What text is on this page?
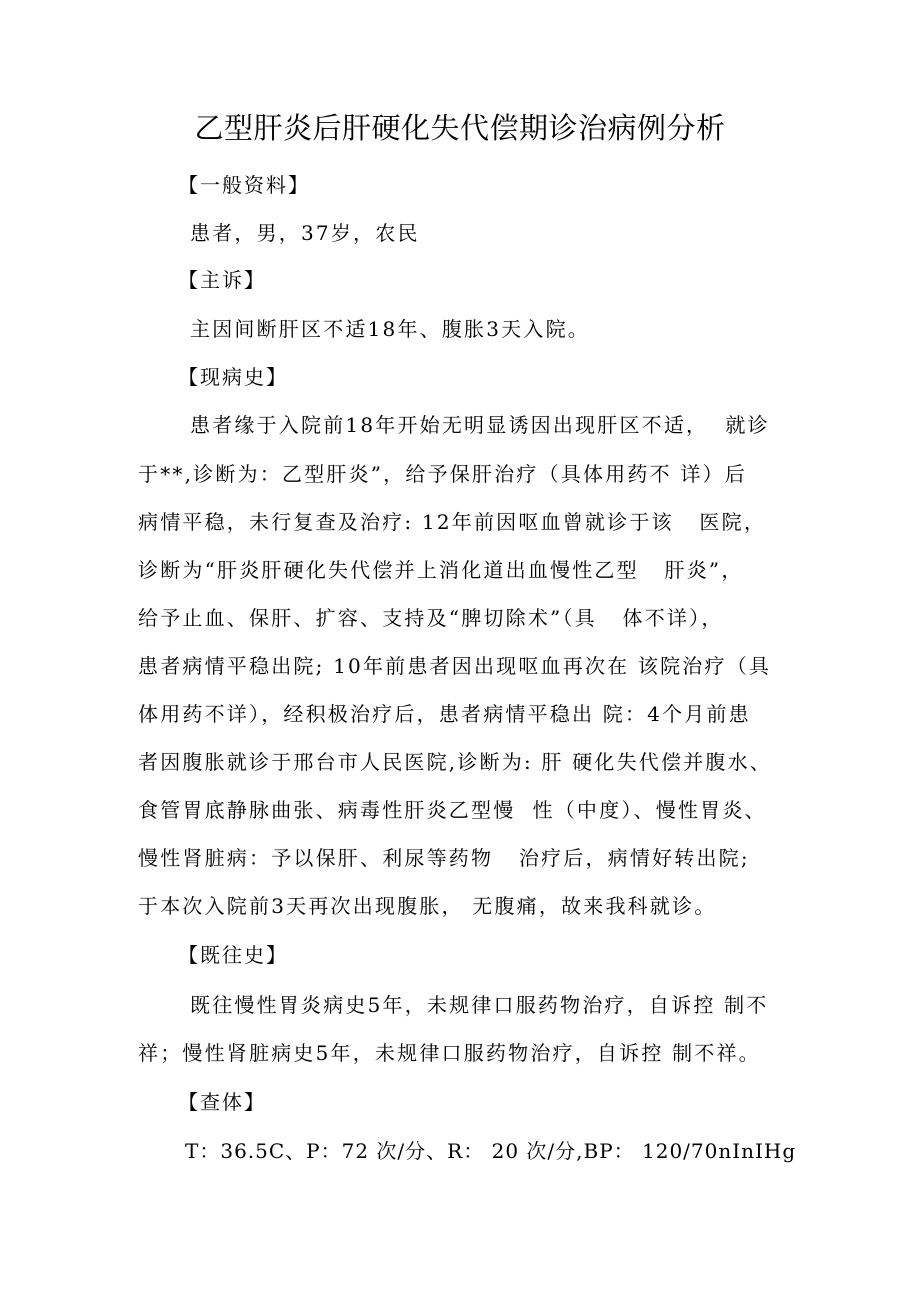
乙型肝炎后肝硬化失代偿期诊治病例分析
【一般资料】
患者，男，37岁，农民
【主诉】
主因间断肝区不适18年、腹胀3天入院。
【现病史】
患者缘于入院前18年开始无明显诱因出现肝区不适，  就诊
于**,诊断为：乙型肝炎”，给予保肝治疗（具体用药不 详）后
病情平稳，未行复查及治疗: 12年前因呕血曾就诊于该   医院，
诊断为“肝炎肝硬化失代偿并上消化道出血慢性乙型   肝炎”，
给予止血、保肝、扩容、支持及“脾切除术”（具   体不详），
患者病情平稳出院; 10年前患者因出现呕血再次在 该院治疗（具
体用药不详），经积极治疗后，患者病情平稳出 院：4个月前患
者因腹胀就诊于邢台市人民医院,诊断为: 肝 硬化失代偿并腹水、
食管胃底静脉曲张、病毒性肝炎乙型慢  性（中度）、慢性胃炎、
慢性肾脏病：予以保肝、利尿等药物   治疗后，病情好转出院;
于本次入院前3天再次出现腹胀， 无腹痛，故来我科就诊。
【既往史】
既往慢性胃炎病史5年，未规律口服药物治疗，自诉控 制不
祥；慢性肾脏病史5年，未规律口服药物治疗，自诉控 制不祥。
【查体】
T：36.5C、P：72 次/分、R： 20 次/分,BP： 120/70nInIHg
